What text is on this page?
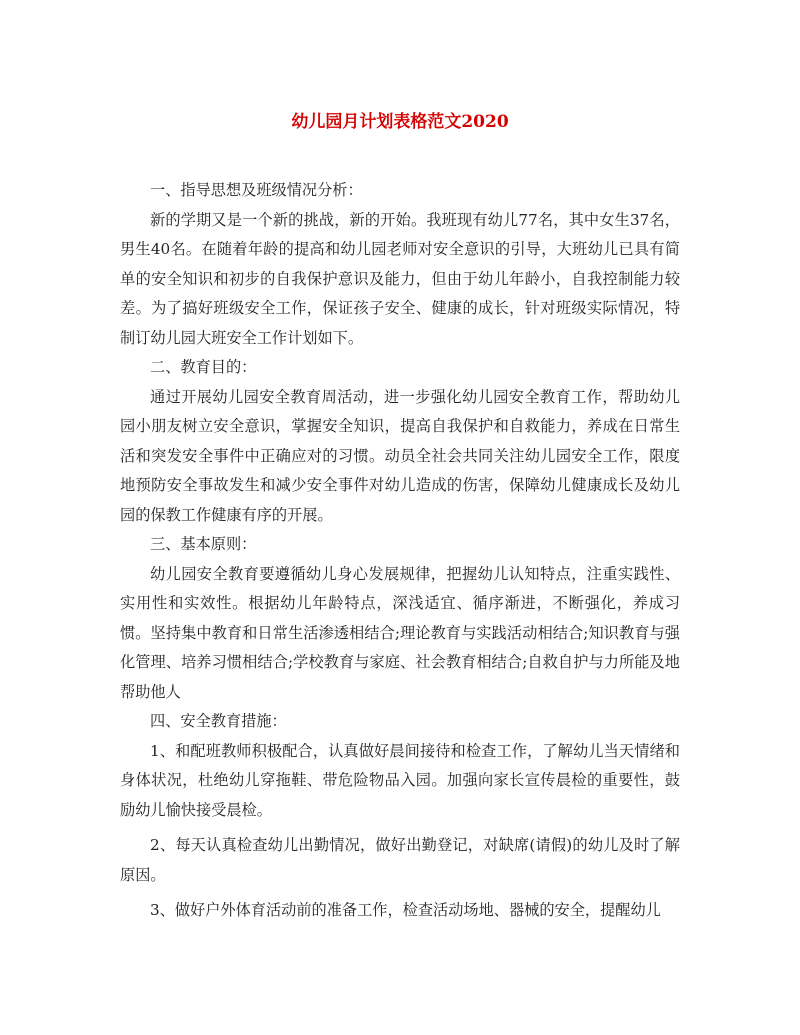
幼儿园月计划表格范文2020

一、指导思想及班级情况分析：

新的学期又是一个新的挑战，新的开始。我班现有幼儿77名，其中女生37名，男生40名。在随着年龄的提高和幼儿园老师对安全意识的引导，大班幼儿已具有简单的安全知识和初步的自我保护意识及能力，但由于幼儿年龄小，自我控制能力较差。为了搞好班级安全工作，保证孩子安全、健康的成长，针对班级实际情况，特制订幼儿园大班安全工作计划如下。

二、教育目的：

通过开展幼儿园安全教育周活动，进一步强化幼儿园安全教育工作，帮助幼儿园小朋友树立安全意识，掌握安全知识，提高自我保护和自救能力，养成在日常生活和突发安全事件中正确应对的习惯。动员全社会共同关注幼儿园安全工作，限度地预防安全事故发生和减少安全事件对幼儿造成的伤害，保障幼儿健康成长及幼儿园的保教工作健康有序的开展。

三、基本原则：

幼儿园安全教育要遵循幼儿身心发展规律，把握幼儿认知特点，注重实践性、实用性和实效性。根据幼儿年龄特点，深浅适宜、循序渐进，不断强化，养成习惯。坚持集中教育和日常生活渗透相结合;理论教育与实践活动相结合;知识教育与强化管理、培养习惯相结合;学校教育与家庭、社会教育相结合;自救自护与力所能及地帮助他人

四、安全教育措施：

1、和配班教师积极配合，认真做好晨间接待和检查工作，了解幼儿当天情绪和身体状况，杜绝幼儿穿拖鞋、带危险物品入园。加强向家长宣传晨检的重要性，鼓励幼儿愉快接受晨检。

2、每天认真检查幼儿出勤情况，做好出勤登记，对缺席(请假)的幼儿及时了解原因。

3、做好户外体育活动前的准备工作，检查活动场地、器械的安全，提醒幼儿
